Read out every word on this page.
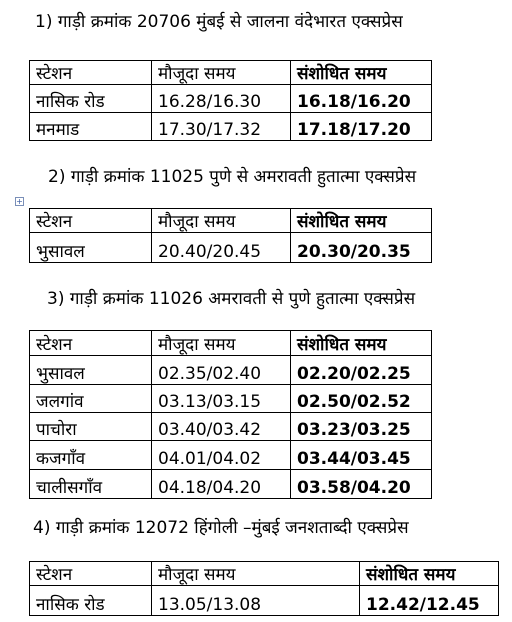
1) गाड़ी क्रमांक 20706 मुंबई से जालना वंदेभारत एक्सप्रेस
स्टेशन	मौजूदा समय	संशोधित समय
नासिक रोड	16.28/16.30	16.18/16.20
मनमाड	17.30/17.32	17.18/17.20
2) गाड़ी क्रमांक 11025 पुणे से अमरावती हुतात्मा एक्सप्रेस
+
स्टेशन	मौजूदा समय	संशोधित समय
भुसावल	20.40/20.45	20.30/20.35
3) गाड़ी क्रमांक 11026 अमरावती से पुणे हुतात्मा एक्सप्रेस
स्टेशन	मौजूदा समय	संशोधित समय
भुसावल	02.35/02.40	02.20/02.25
जलगांव	03.13/03.15	02.50/02.52
पाचोरा	03.40/03.42	03.23/03.25
कजगाँव	04.01/04.02	03.44/03.45
चालीसगाँव	04.18/04.20	03.58/04.20
4) गाड़ी क्रमांक 12072 हिंगोली –मुंबई जनशताब्दी एक्सप्रेस
स्टेशन	मौजूदा समय	संशोधित समय
नासिक रोड	13.05/13.08	12.42/12.45
